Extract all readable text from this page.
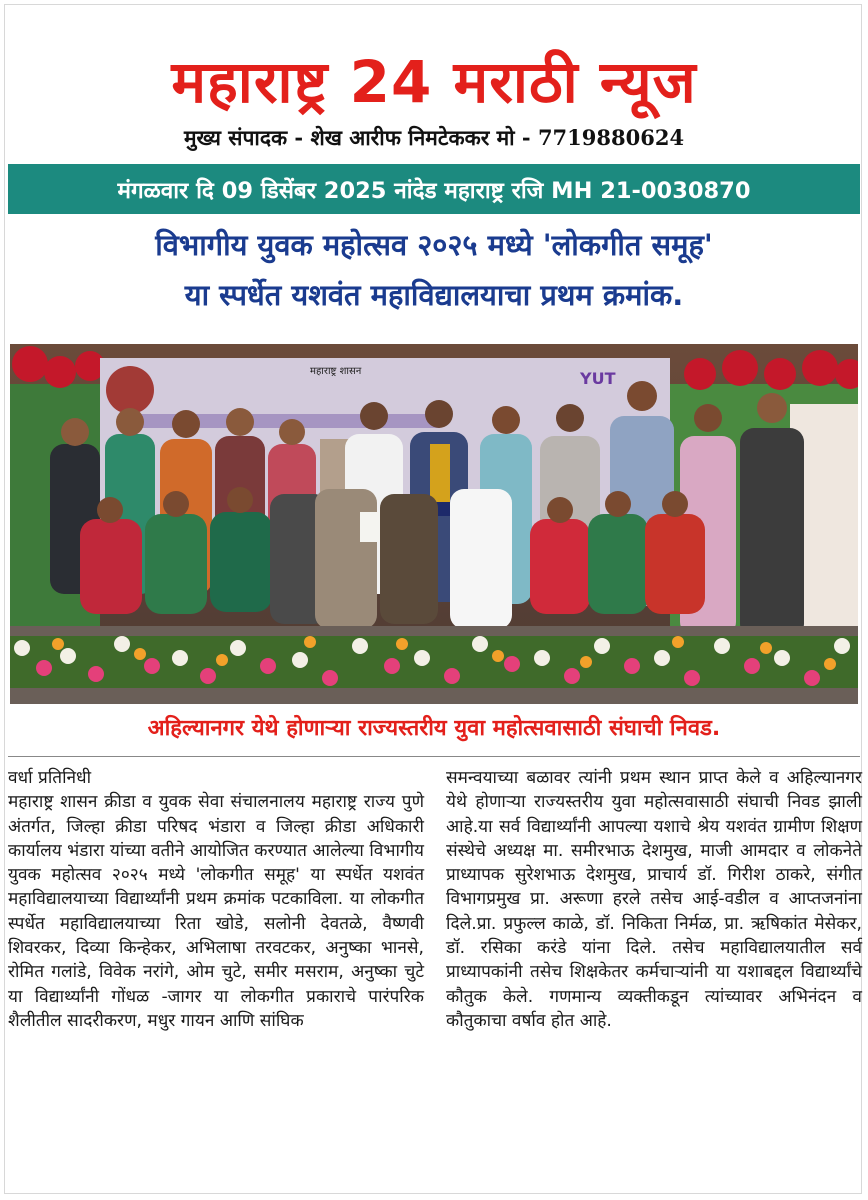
महाराष्ट्र 24 मराठी न्यूज
मुख्य संपादक - शेख आरीफ निमटेककर मो - 7719880624
मंगळवार दि 09 डिसेंबर 2025 नांदेड महाराष्ट्र रजि MH 21-0030870
विभागीय युवक महोत्सव २०२५ मध्ये 'लोकगीत समूह'
या स्पर्धेत यशवंत महाविद्यालयाचा प्रथम क्रमांक.
महाराष्ट्र शासन	YUT
अहिल्यानगर येथे होणाऱ्या राज्यस्तरीय युवा महोत्सवासाठी संघाची निवड.

वर्धा प्रतिनिधी

महाराष्ट्र शासन क्रीडा व युवक सेवा संचालनालय महाराष्ट्र राज्य पुणे अंतर्गत, जिल्हा क्रीडा परिषद भंडारा व जिल्हा क्रीडा अधिकारी कार्यालय भंडारा यांच्या वतीने आयोजित करण्यात आलेल्या विभागीय युवक महोत्सव २०२५ मध्ये 'लोकगीत समूह' या स्पर्धेत यशवंत महाविद्यालयाच्या विद्यार्थ्यांनी प्रथम क्रमांक पटकाविला. या लोकगीत स्पर्धेत महाविद्यालयाच्या रिता खोडे, सलोनी देवतळे, वैष्णवी शिवरकर, दिव्या किन्हेकर, अभिलाषा तरवटकर, अनुष्का भानसे, रोमित गलांडे, विवेक नरांगे, ओम चुटे, समीर मसराम, अनुष्का चुटे या विद्यार्थ्यांनी गोंधळ -जागर या लोकगीत प्रकाराचे पारंपरिक शैलीतील सादरीकरण, मधुर गायन आणि सांघिक

समन्वयाच्या बळावर त्यांनी प्रथम स्थान प्राप्त केले व अहिल्यानगर येथे होणाऱ्या राज्यस्तरीय युवा महोत्सवासाठी संघाची निवड झाली आहे.या सर्व विद्यार्थ्यांनी आपल्या यशाचे श्रेय यशवंत ग्रामीण शिक्षण संस्थेचे अध्यक्ष मा. समीरभाऊ देशमुख, माजी आमदार व लोकनेते प्राध्यापक सुरेशभाऊ देशमुख, प्राचार्य डॉ. गिरीश ठाकरे, संगीत विभागप्रमुख प्रा. अरूणा हरले तसेच आई-वडील व आप्तजनांना दिले.प्रा. प्रफुल्ल काळे, डॉ. निकिता निर्मळ, प्रा. ऋषिकांत मेसेकर, डॉ. रसिका करंडे यांना दिले. तसेच महाविद्यालयातील सर्व प्राध्यापकांनी तसेच शिक्षकेतर कर्मचाऱ्यांनी या यशाबद्दल विद्यार्थ्यांचे कौतुक केले. गणमान्य व्यक्तीकडून त्यांच्यावर अभिनंदन व कौतुकाचा वर्षाव होत आहे.
